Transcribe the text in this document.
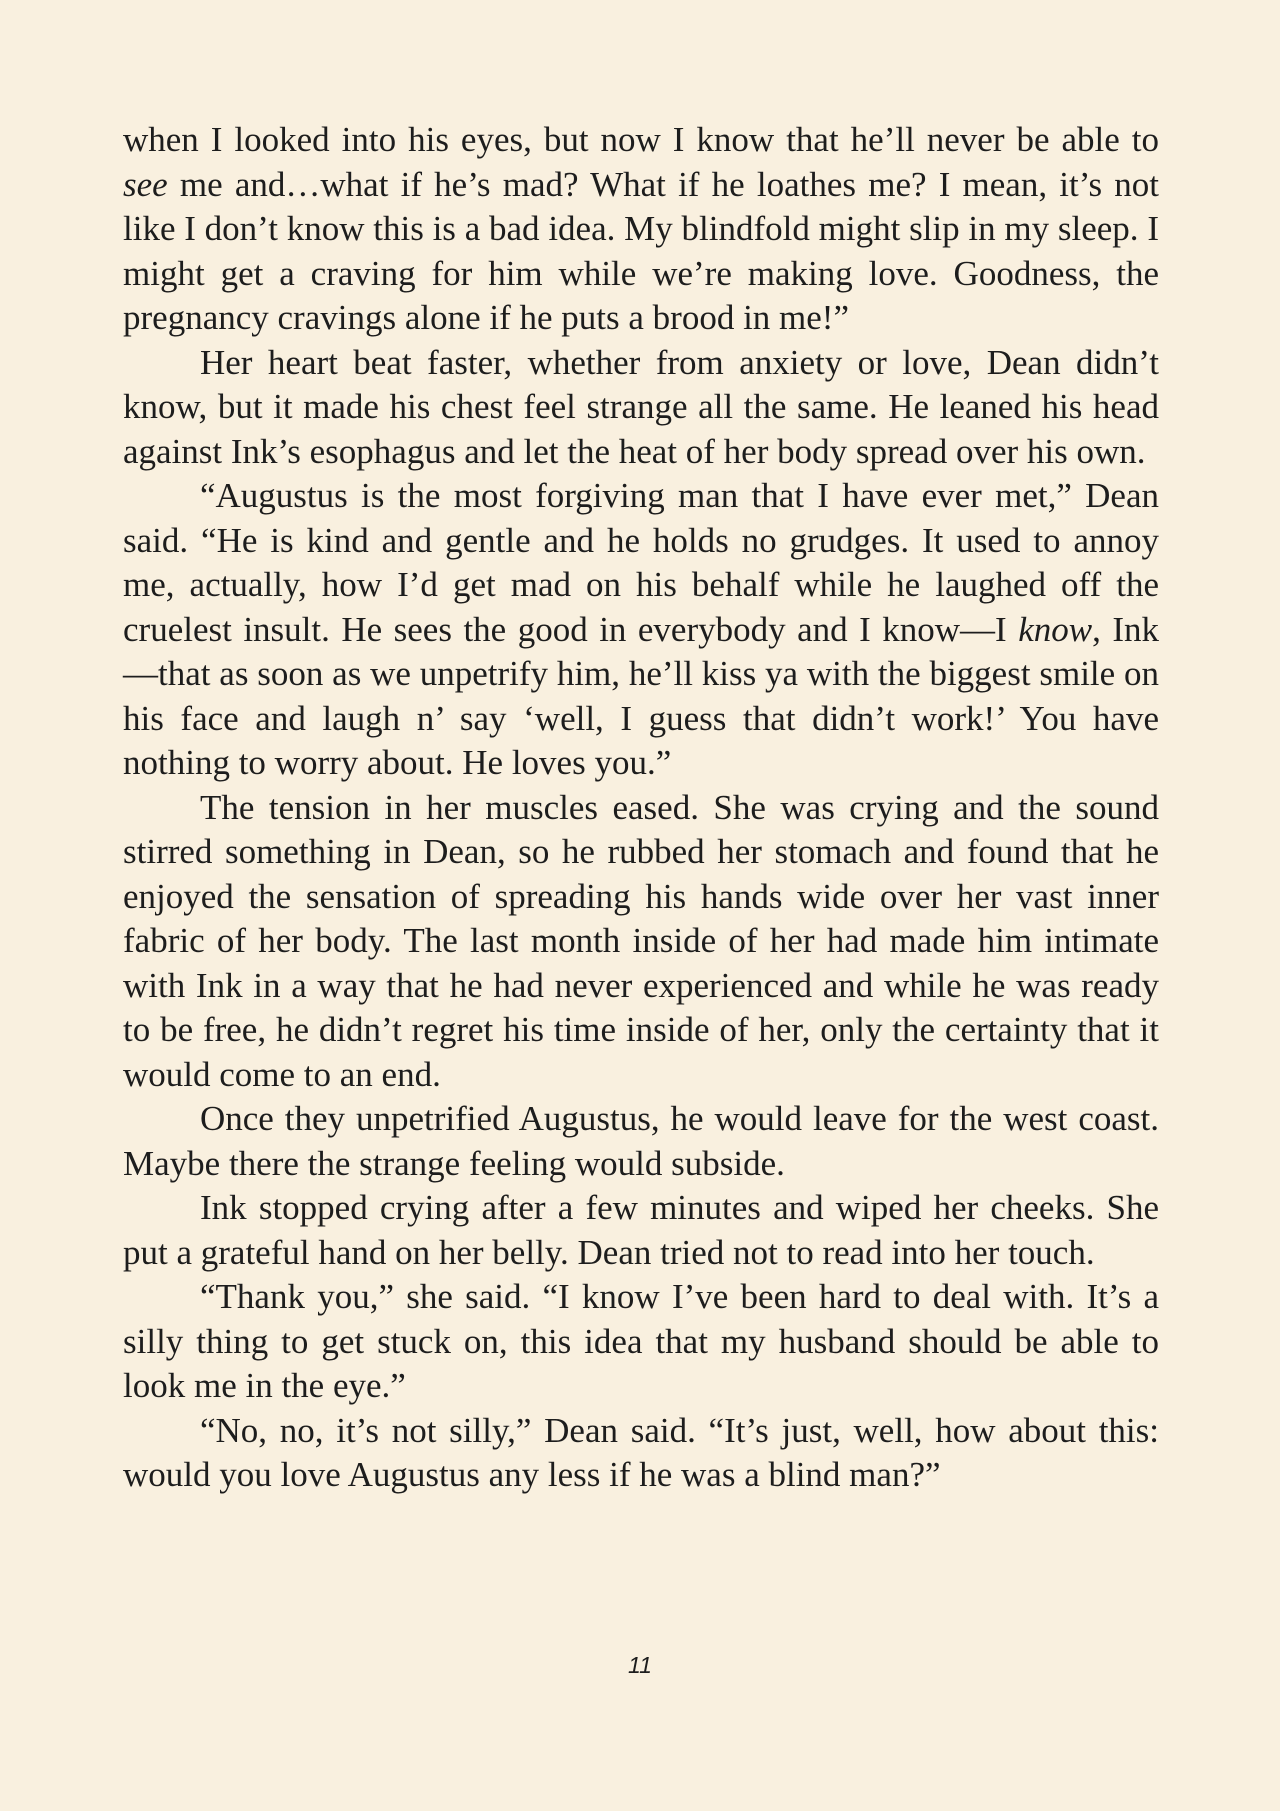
when I looked into his eyes, but now I know that he’ll never be able to see me and…what if he’s mad? What if he loathes me? I mean, it’s not like I don’t know this is a bad idea. My blindfold might slip in my sleep. I might get a craving for him while we’re making love. Goodness, the pregnancy cravings alone if he puts a brood in me!”

Her heart beat faster, whether from anxiety or love, Dean didn’t know, but it made his chest feel strange all the same. He leaned his head against Ink’s esophagus and let the heat of her body spread over his own.

“Augustus is the most forgiving man that I have ever met,” Dean said. “He is kind and gentle and he holds no grudges. It used to annoy me, actually, how I’d get mad on his behalf while he laughed off the cruelest insult. He sees the good in everybody and I know—I know, Ink—that as soon as we unpetrify him, he’ll kiss ya with the biggest smile on his face and laugh n’ say ‘well, I guess that didn’t work!’ You have nothing to worry about. He loves you.”

The tension in her muscles eased. She was crying and the sound stirred something in Dean, so he rubbed her stomach and found that he enjoyed the sensation of spreading his hands wide over her vast inner fabric of her body. The last month inside of her had made him intimate with Ink in a way that he had never experienced and while he was ready to be free, he didn’t regret his time inside of her, only the certainty that it would come to an end.

Once they unpetrified Augustus, he would leave for the west coast. Maybe there the strange feeling would subside.

Ink stopped crying after a few minutes and wiped her cheeks. She put a grateful hand on her belly. Dean tried not to read into her touch.

“Thank you,” she said. “I know I’ve been hard to deal with. It’s a silly thing to get stuck on, this idea that my husband should be able to look me in the eye.”

“No, no, it’s not silly,” Dean said. “It’s just, well, how about this: would you love Augustus any less if he was a blind man?”

11
